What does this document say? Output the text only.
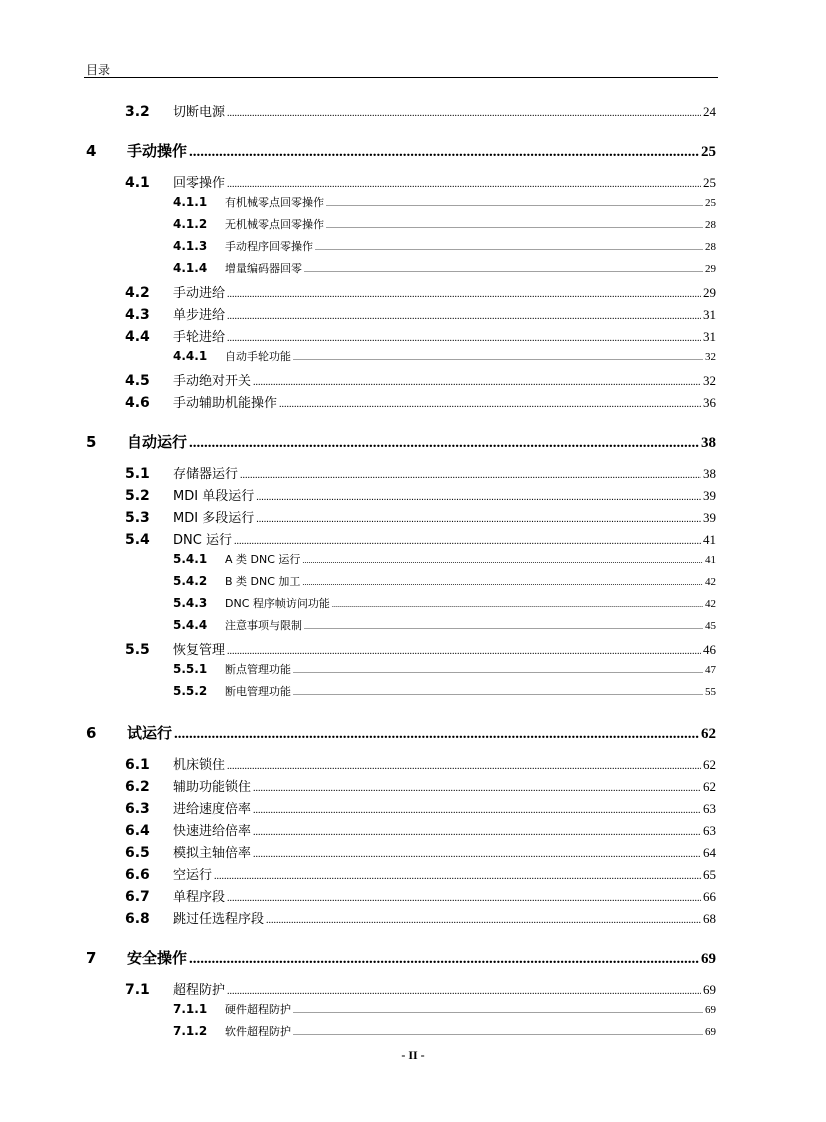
目录
3.2	切断电源 .....	24
4	手动操作 .....	25
4.1	回零操作 .....	25
4.1.1	有机械零点回零操作 .....	25
4.1.2	无机械零点回零操作 .....	28
4.1.3	手动程序回零操作 .....	28
4.1.4	增量编码器回零 .....	29
4.2	手动进给 .....	29
4.3	单步进给 .....	31
4.4	手轮进给 .....	31
4.4.1	自动手轮功能 .....	32
4.5	手动绝对开关 .....	32
4.6	手动辅助机能操作 .....	36
5	自动运行 .....	38
5.1	存储器运行 .....	38
5.2	MDI 单段运行 .....	39
5.3	MDI 多段运行 .....	39
5.4	DNC 运行 .....	41
5.4.1	A 类 DNC 运行 .....	41
5.4.2	B 类 DNC 加工 .....	42
5.4.3	DNC 程序帧访问功能 .....	42
5.4.4	注意事项与限制 .....	45
5.5	恢复管理 .....	46
5.5.1	断点管理功能 .....	47
5.5.2	断电管理功能 .....	55
6	试运行 .....	62
6.1	机床锁住 .....	62
6.2	辅助功能锁住 .....	62
6.3	进给速度倍率 .....	63
6.4	快速进给倍率 .....	63
6.5	模拟主轴倍率 .....	64
6.6	空运行 .....	65
6.7	单程序段 .....	66
6.8	跳过任选程序段 .....	68
7	安全操作 .....	69
7.1	超程防护 .....	69
7.1.1	硬件超程防护 .....	69
7.1.2	软件超程防护 .....	69
- II -
